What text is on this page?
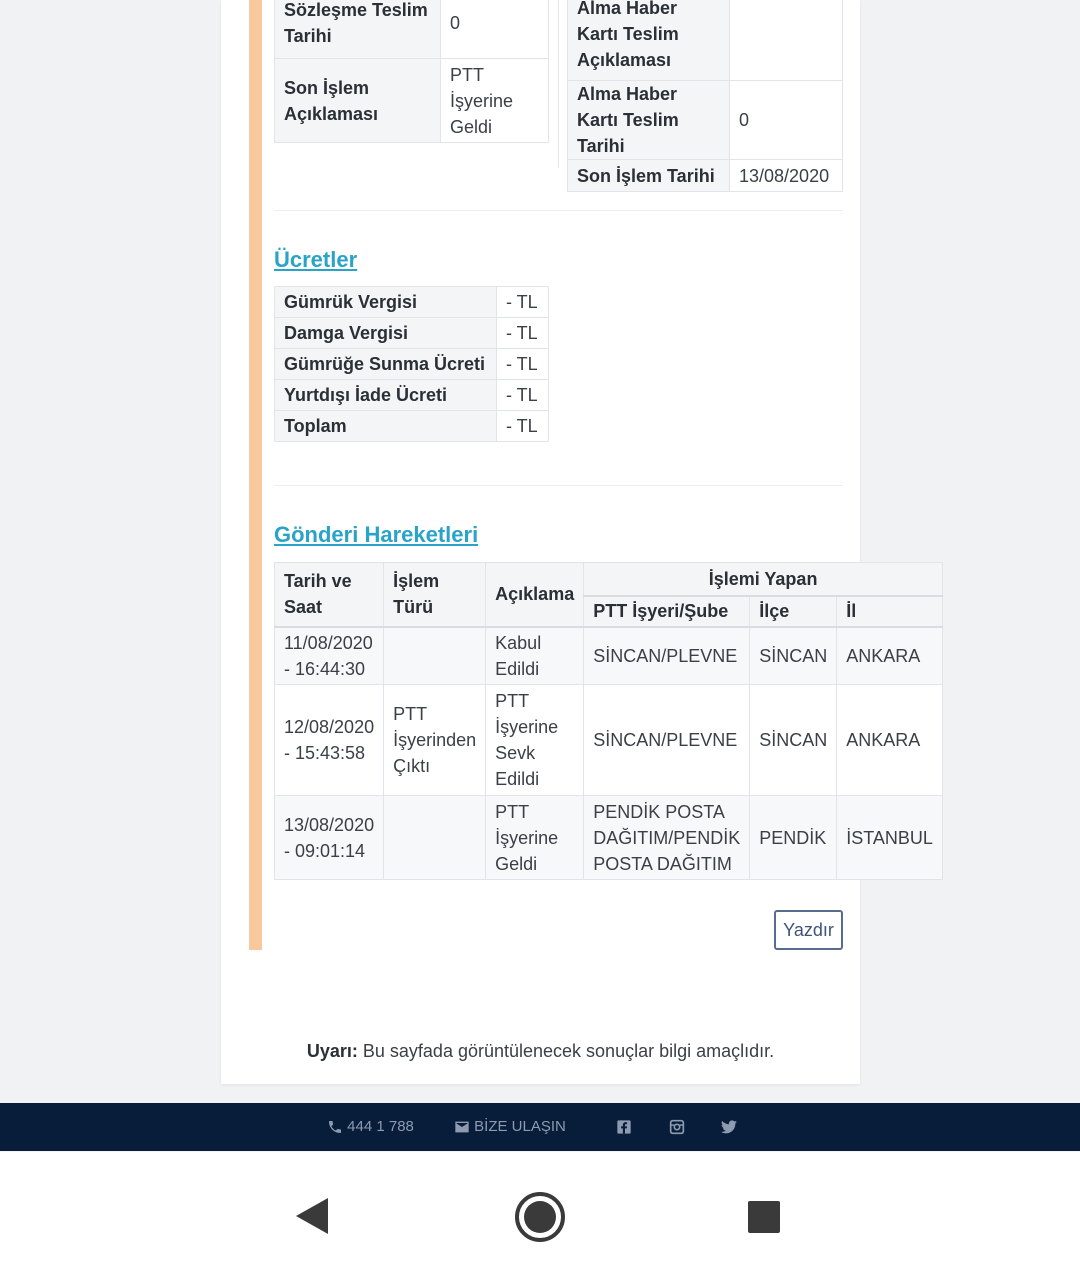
Sözleşme Teslim Tarihi	0
Son İşlem Açıklaması	PTT İşyerine Geldi
Alma Haber Kartı Teslim Açıklaması	
Alma Haber Kartı Teslim Tarihi	0
Son İşlem Tarihi	13/08/2020
Ücretler
Gümrük Vergisi	- TL
Damga Vergisi	- TL
Gümrüğe Sunma Ücreti	- TL
Yurtdışı İade Ücreti	- TL
Toplam	- TL
Gönderi Hareketleri
Tarih ve Saat	İşlem Türü	Açıklama	İşlemi Yapan		
			PTT İşyeri/Şube	İlçe	İl
11/08/2020 - 16:44:30		Kabul Edildi	SİNCAN/PLEVNE	SİNCAN	ANKARA
12/08/2020 - 15:43:58	PTT İşyerinden Çıktı	PTT İşyerine Sevk Edildi	SİNCAN/PLEVNE	SİNCAN	ANKARA
13/08/2020 - 09:01:14		PTT İşyerine Geldi	PENDİK POSTA DAĞITIM/PENDİK POSTA DAĞITIM	PENDİK	İSTANBUL
Yazdır
Uyarı: Bu sayfada görüntülenecek sonuçlar bilgi amaçlıdır.
444 1 788	BİZE ULAŞIN
